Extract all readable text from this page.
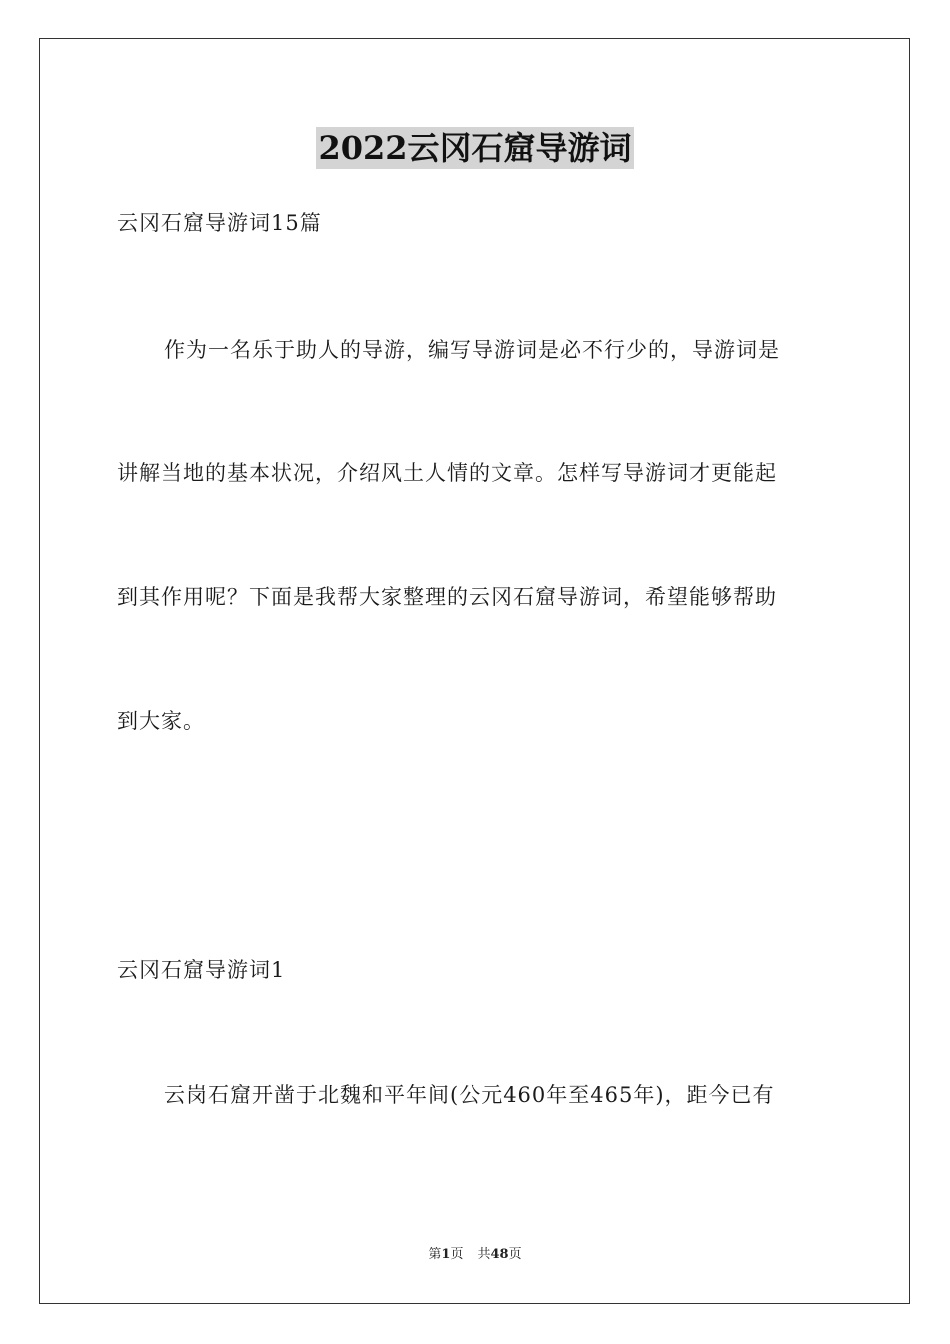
2022云冈石窟导游词
云冈石窟导游词15篇
作为一名乐于助人的导游，编写导游词是必不行少的，导游词是
讲解当地的基本状况，介绍风土人情的文章。怎样写导游词才更能起
到其作用呢？下面是我帮大家整理的云冈石窟导游词，希望能够帮助
到大家。
云冈石窟导游词1
云岗石窟开凿于北魏和平年间(公元460年至465年)，距今已有
第1页 共48页
